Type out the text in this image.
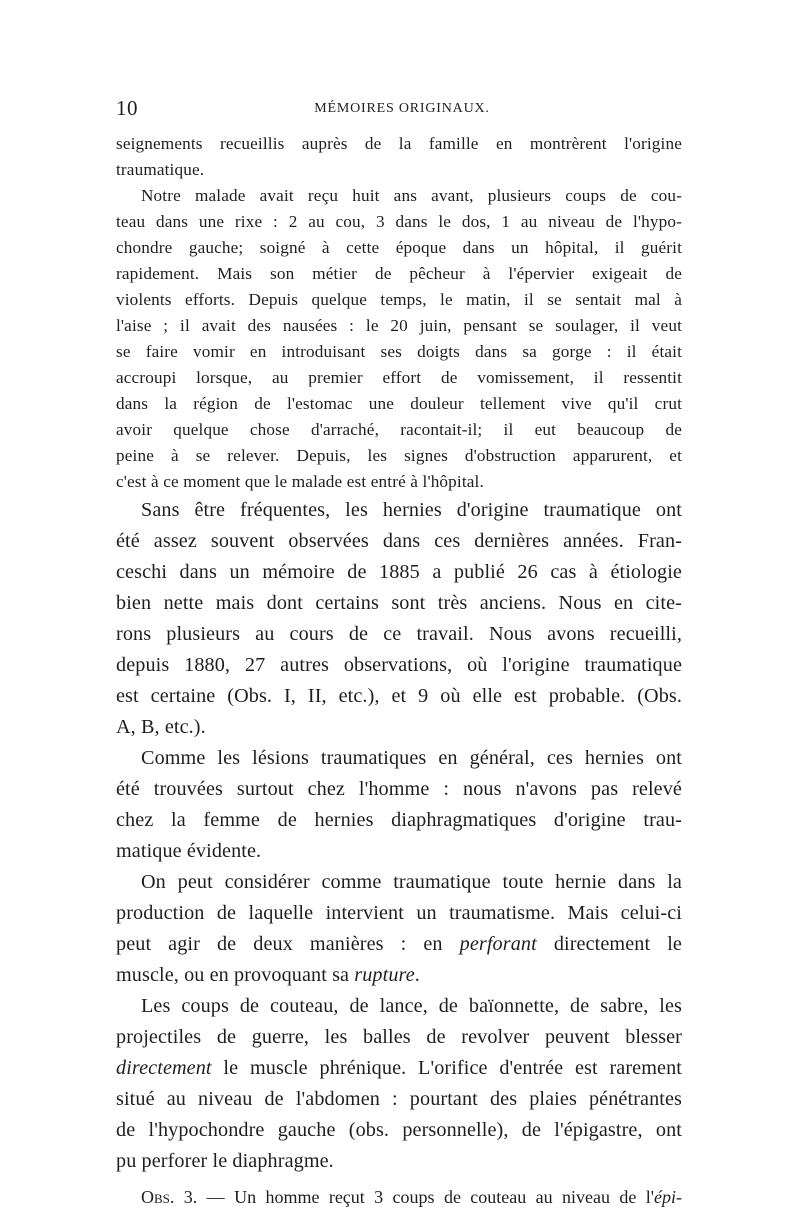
10	MÉMOIRES ORIGINAUX.
seignements recueillis auprès de la famille en montrèrent l'origine
traumatique.
Notre malade avait reçu huit ans avant, plusieurs coups de cou-
teau dans une rixe : 2 au cou, 3 dans le dos, 1 au niveau de l'hypo-
chondre gauche; soigné à cette époque dans un hôpital, il guérit
rapidement. Mais son métier de pêcheur à l'épervier exigeait de
violents efforts. Depuis quelque temps, le matin, il se sentait mal à
l'aise ; il avait des nausées : le 20 juin, pensant se soulager, il veut
se faire vomir en introduisant ses doigts dans sa gorge : il était
accroupi lorsque, au premier effort de vomissement, il ressentit
dans la région de l'estomac une douleur tellement vive qu'il crut
avoir quelque chose d'arraché, racontait-il; il eut beaucoup de
peine à se relever. Depuis, les signes d'obstruction apparurent, et
c'est à ce moment que le malade est entré à l'hôpital.
Sans être fréquentes, les hernies d'origine traumatique ont
été assez souvent observées dans ces dernières années. Fran-
ceschi dans un mémoire de 1885 a publié 26 cas à étiologie
bien nette mais dont certains sont très anciens. Nous en cite-
rons plusieurs au cours de ce travail. Nous avons recueilli,
depuis 1880, 27 autres observations, où l'origine traumatique
est certaine (Obs. I, II, etc.), et 9 où elle est probable. (Obs.
A, B, etc.).
Comme les lésions traumatiques en général, ces hernies ont
été trouvées surtout chez l'homme : nous n'avons pas relevé
chez la femme de hernies diaphragmatiques d'origine trau-
matique évidente.
On peut considérer comme traumatique toute hernie dans la
production de laquelle intervient un traumatisme. Mais celui-ci
peut agir de deux manières : en perforant directement le
muscle, ou en provoquant sa rupture.
Les coups de couteau, de lance, de baïonnette, de sabre, les
projectiles de guerre, les balles de revolver peuvent blesser
directement le muscle phrénique. L'orifice d'entrée est rarement
situé au niveau de l'abdomen : pourtant des plaies pénétrantes
de l'hypochondre gauche (obs. personnelle), de l'épigastre, ont
pu perforer le diaphragme.
Obs. 3. — Un homme reçut 3 coups de couteau au niveau de l'épi-
